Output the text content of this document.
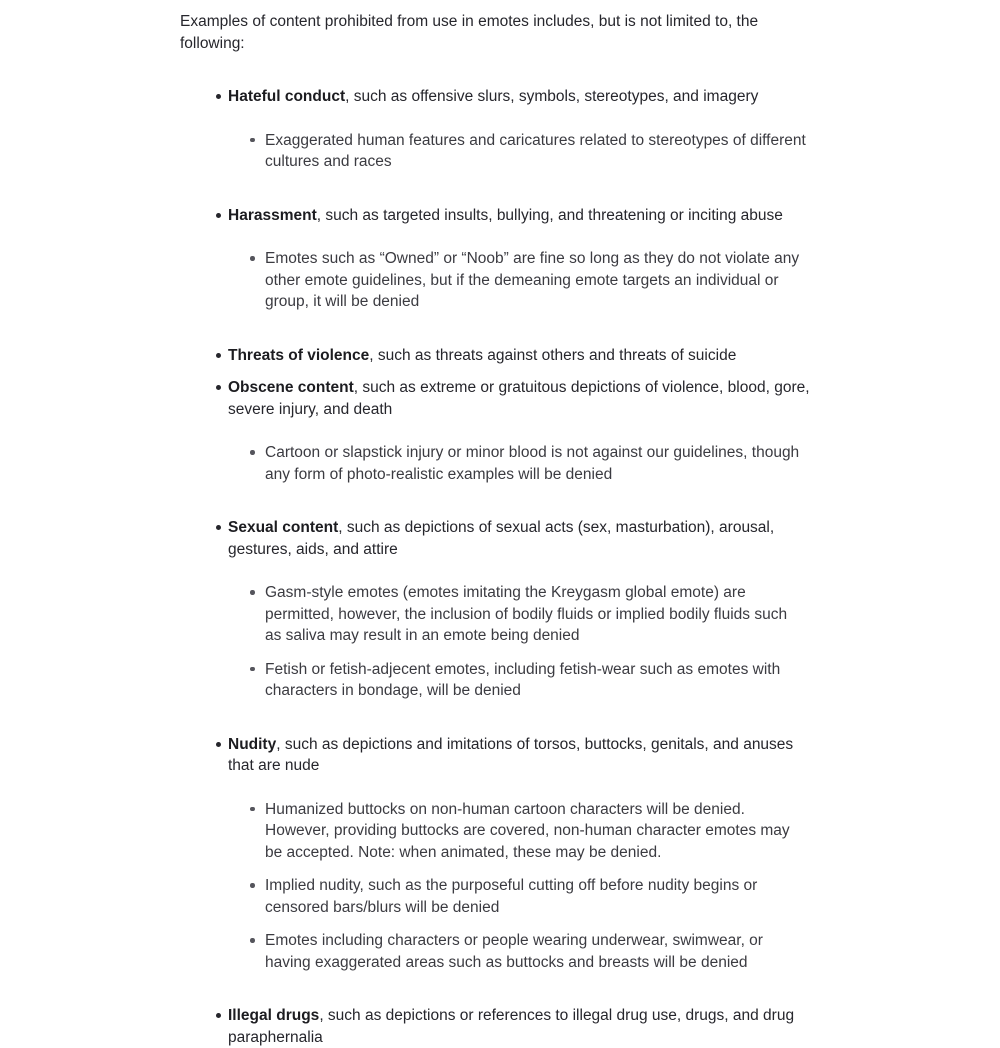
Examples of content prohibited from use in emotes includes, but is not limited to, the following:

Hateful conduct, such as offensive slurs, symbols, stereotypes, and imagery
Exaggerated human features and caricatures related to stereotypes of different cultures and races
Harassment, such as targeted insults, bullying, and threatening or inciting abuse
Emotes such as “Owned” or “Noob” are fine so long as they do not violate any other emote guidelines, but if the demeaning emote targets an individual or group, it will be denied
Threats of violence, such as threats against others and threats of suicide
Obscene content, such as extreme or gratuitous depictions of violence, blood, gore, severe injury, and death
Cartoon or slapstick injury or minor blood is not against our guidelines, though any form of photo-realistic examples will be denied
Sexual content, such as depictions of sexual acts (sex, masturbation), arousal, gestures, aids, and attire
Gasm-style emotes (emotes imitating the Kreygasm global emote) are permitted, however, the inclusion of bodily fluids or implied bodily fluids such as saliva may result in an emote being denied
Fetish or fetish-adjecent emotes, including fetish-wear such as emotes with characters in bondage, will be denied
Nudity, such as depictions and imitations of torsos, buttocks, genitals, and anuses that are nude
Humanized buttocks on non-human cartoon characters will be denied. However, providing buttocks are covered, non-human character emotes may be accepted. Note: when animated, these may be denied.
Implied nudity, such as the purposeful cutting off before nudity begins or censored bars/blurs will be denied
Emotes including characters or people wearing underwear, swimwear, or having exaggerated areas such as buttocks and breasts will be denied
Illegal drugs, such as depictions or references to illegal drug use, drugs, and drug paraphernalia
